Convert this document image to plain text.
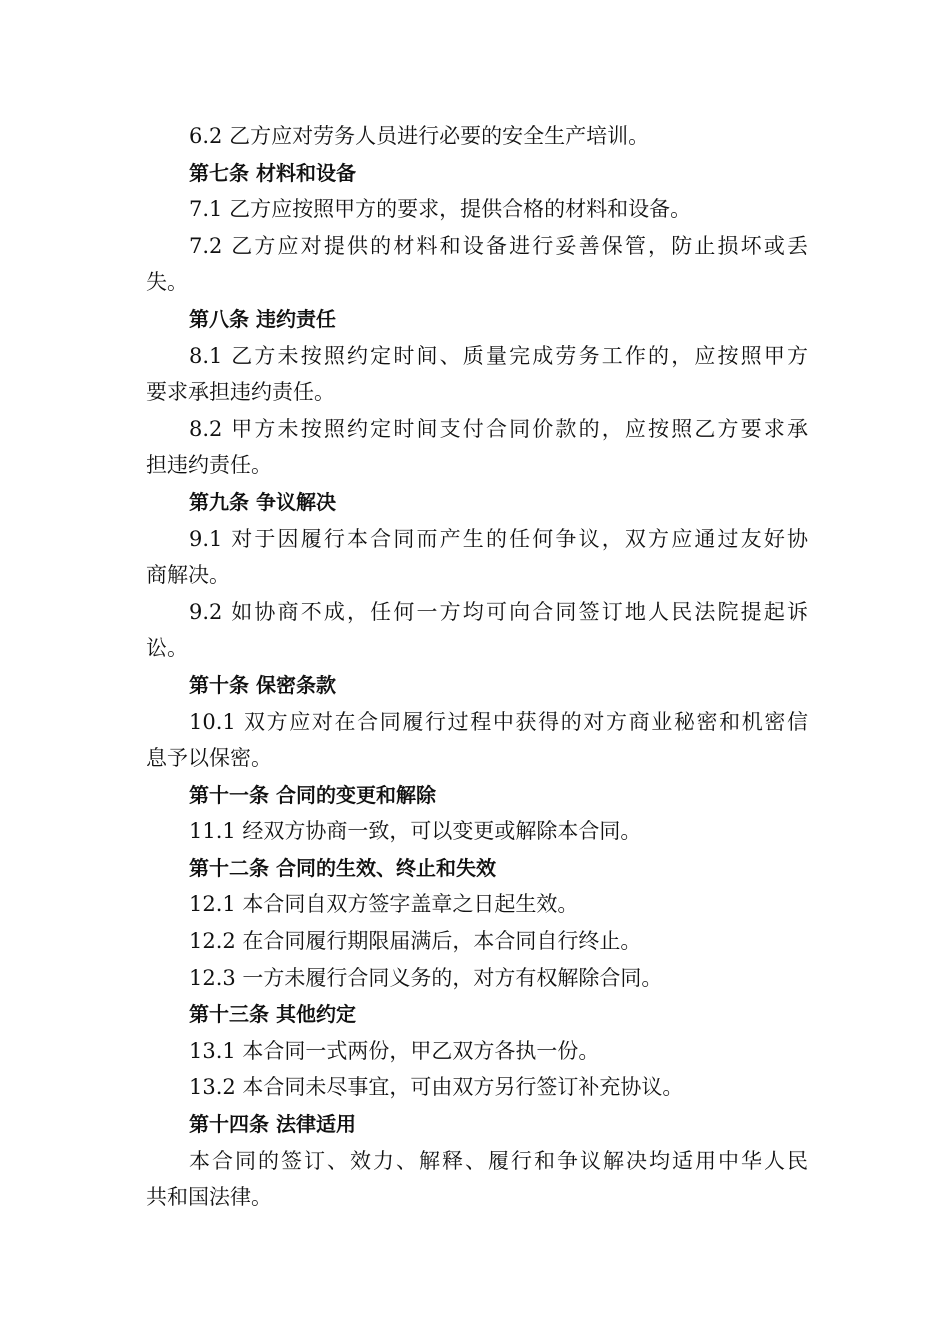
6.2 乙方应对劳务人员进行必要的安全生产培训。
第七条 材料和设备
7.1 乙方应按照甲方的要求，提供合格的材料和设备。
7.2 乙方应对提供的材料和设备进行妥善保管，防止损坏或丢
失。
第八条 违约责任
8.1 乙方未按照约定时间、质量完成劳务工作的，应按照甲方
要求承担违约责任。
8.2 甲方未按照约定时间支付合同价款的，应按照乙方要求承
担违约责任。
第九条 争议解决
9.1 对于因履行本合同而产生的任何争议，双方应通过友好协
商解决。
9.2 如协商不成，任何一方均可向合同签订地人民法院提起诉
讼。
第十条 保密条款
10.1 双方应对在合同履行过程中获得的对方商业秘密和机密信
息予以保密。
第十一条 合同的变更和解除
11.1 经双方协商一致，可以变更或解除本合同。
第十二条 合同的生效、终止和失效
12.1 本合同自双方签字盖章之日起生效。
12.2 在合同履行期限届满后，本合同自行终止。
12.3 一方未履行合同义务的，对方有权解除合同。
第十三条 其他约定
13.1 本合同一式两份，甲乙双方各执一份。
13.2 本合同未尽事宜，可由双方另行签订补充协议。
第十四条 法律适用
本合同的签订、效力、解释、履行和争议解决均适用中华人民
共和国法律。
